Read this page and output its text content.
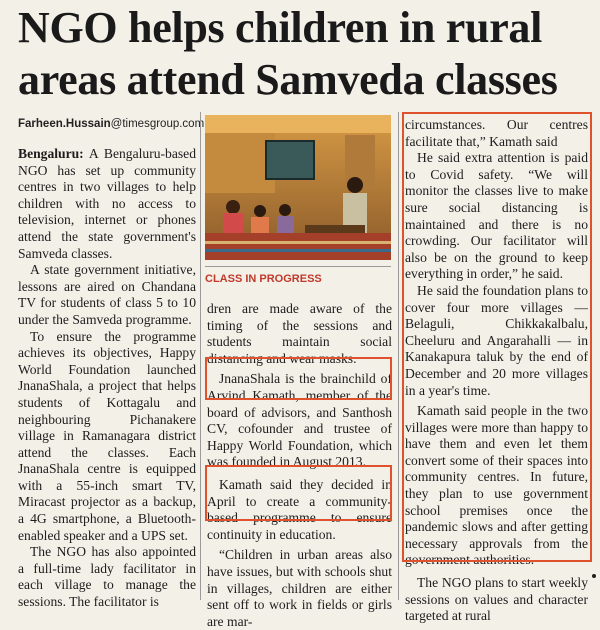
NGO helps children in rural
areas attend Samveda classes
Farheen.Hussain@timesgroup.com
CLASS IN PROGRESS

Bengaluru: A Bengaluru-based NGO has set up community centres in two villages to help children with no access to television, internet or phones attend the state government's Samveda classes.

A state government initiative, lessons are aired on Chandana TV for students of class 5 to 10 under the Samveda programme.

To ensure the programme achieves its objectives, Happy World Foundation launched JnanaShala, a project that helps students of Kottagalu and neighbouring Pichanakere village in Ramanagara district attend the classes. Each JnanaShala centre is equipped with a 55-inch smart TV, Miracast projector as a backup, a 4G smartphone, a Bluetooth-enabled speaker and a UPS set.

The NGO has also appointed a full-time lady facilitator in each village to manage the sessions. The facilitator is

dren are made aware of the timing of the sessions and students maintain social distancing and wear masks.

JnanaShala is the brainchild of Arvind Kamath, member of the board of advisors, and Santhosh CV, cofounder and trustee of Happy World Foundation, which was founded in August 2013.

Kamath said they decided in April to create a community-based programme to ensure continuity in education.

“Children in urban areas also have issues, but with schools shut in villages, children are either sent off to work in fields or girls are mar-

circumstances. Our centres facilitate that,” Kamath said

He said extra attention is paid to Covid safety. “We will monitor the classes live to make sure social distancing is maintained and there is no crowding. Our facilitator will also be on the ground to keep everything in order,” he said.

He said the foundation plans to cover four more villages — Belaguli, Chikkakalbalu, Cheeluru and Angarahalli — in Kanakapura taluk by the end of December and 20 more villages in a year's time.

Kamath said people in the two villages were more than happy to have them and even let them convert some of their spaces into community centres. In future, they plan to use government school premises once the pandemic slows and after getting necessary approvals from the government authorities.

The NGO plans to start weekly sessions on values and character targeted at rural
